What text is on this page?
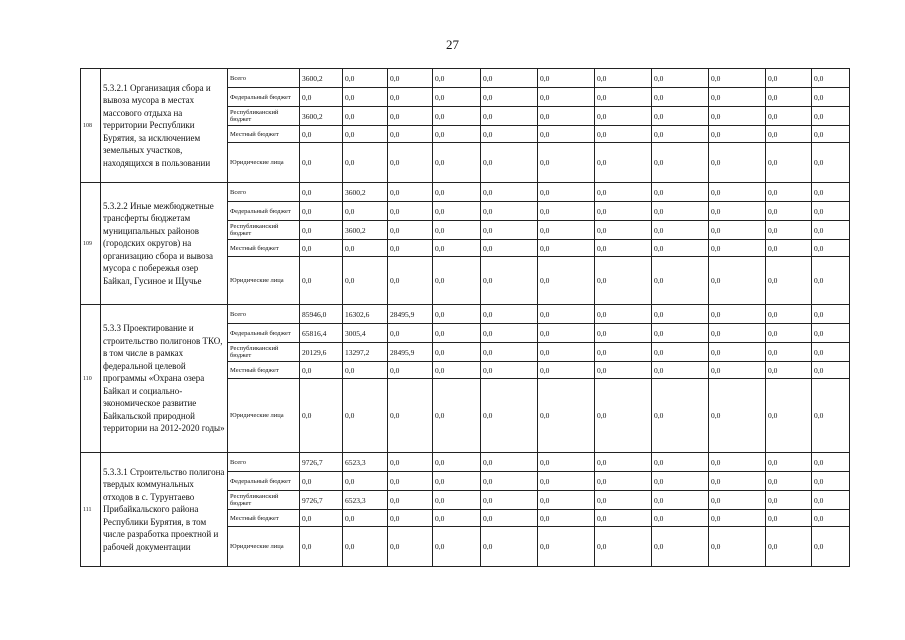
27
108	5.3.2.1 Организация сбора и вывоза мусора в местах массового отдыха на территории Республики Бурятия, за исключением земельных участков, находящихся в пользовании	Всего	3600,2	0,0	0,0	0,0	0,0	0,0	0,0	0,0	0,0	0,0	0,0
		Федеральный бюджет	0,0	0,0	0,0	0,0	0,0	0,0	0,0	0,0	0,0	0,0	0,0
		Республиканский бюджет	3600,2	0,0	0,0	0,0	0,0	0,0	0,0	0,0	0,0	0,0	0,0
		Местный бюджет	0,0	0,0	0,0	0,0	0,0	0,0	0,0	0,0	0,0	0,0	0,0
		Юридические лица	0,0	0,0	0,0	0,0	0,0	0,0	0,0	0,0	0,0	0,0	0,0
109	5.3.2.2 Иные межбюджетные трансферты бюджетам муниципальных районов (городских округов) на организацию сбора и вывоза мусора с побережья озер Байкал, Гусиное и Щучье	Всего	0,0	3600,2	0,0	0,0	0,0	0,0	0,0	0,0	0,0	0,0	0,0
		Федеральный бюджет	0,0	0,0	0,0	0,0	0,0	0,0	0,0	0,0	0,0	0,0	0,0
		Республиканский бюджет	0,0	3600,2	0,0	0,0	0,0	0,0	0,0	0,0	0,0	0,0	0,0
		Местный бюджет	0,0	0,0	0,0	0,0	0,0	0,0	0,0	0,0	0,0	0,0	0,0
		Юридические лица	0,0	0,0	0,0	0,0	0,0	0,0	0,0	0,0	0,0	0,0	0,0
110	5.3.3 Проектирование и строительство полигонов ТКО, в том числе в рамках федеральной целевой программы «Охрана озера Байкал и социально-экономическое развитие Байкальской природной территории на 2012-2020 годы»	Всего	85946,0	16302,6	28495,9	0,0	0,0	0,0	0,0	0,0	0,0	0,0	0,0
		Федеральный бюджет	65816,4	3005,4	0,0	0,0	0,0	0,0	0,0	0,0	0,0	0,0	0,0
		Республиканский бюджет	20129,6	13297,2	28495,9	0,0	0,0	0,0	0,0	0,0	0,0	0,0	0,0
		Местный бюджет	0,0	0,0	0,0	0,0	0,0	0,0	0,0	0,0	0,0	0,0	0,0
		Юридические лица	0,0	0,0	0,0	0,0	0,0	0,0	0,0	0,0	0,0	0,0	0,0
111	5.3.3.1 Строительство полигона твердых коммунальных отходов в с. Турунтаево Прибайкальского района Республики Бурятия, в том числе разработка проектной и рабочей документации	Всего	9726,7	6523,3	0,0	0,0	0,0	0,0	0,0	0,0	0,0	0,0	0,0
		Федеральный бюджет	0,0	0,0	0,0	0,0	0,0	0,0	0,0	0,0	0,0	0,0	0,0
		Республиканский бюджет	9726,7	6523,3	0,0	0,0	0,0	0,0	0,0	0,0	0,0	0,0	0,0
		Местный бюджет	0,0	0,0	0,0	0,0	0,0	0,0	0,0	0,0	0,0	0,0	0,0
		Юридические лица	0,0	0,0	0,0	0,0	0,0	0,0	0,0	0,0	0,0	0,0	0,0
